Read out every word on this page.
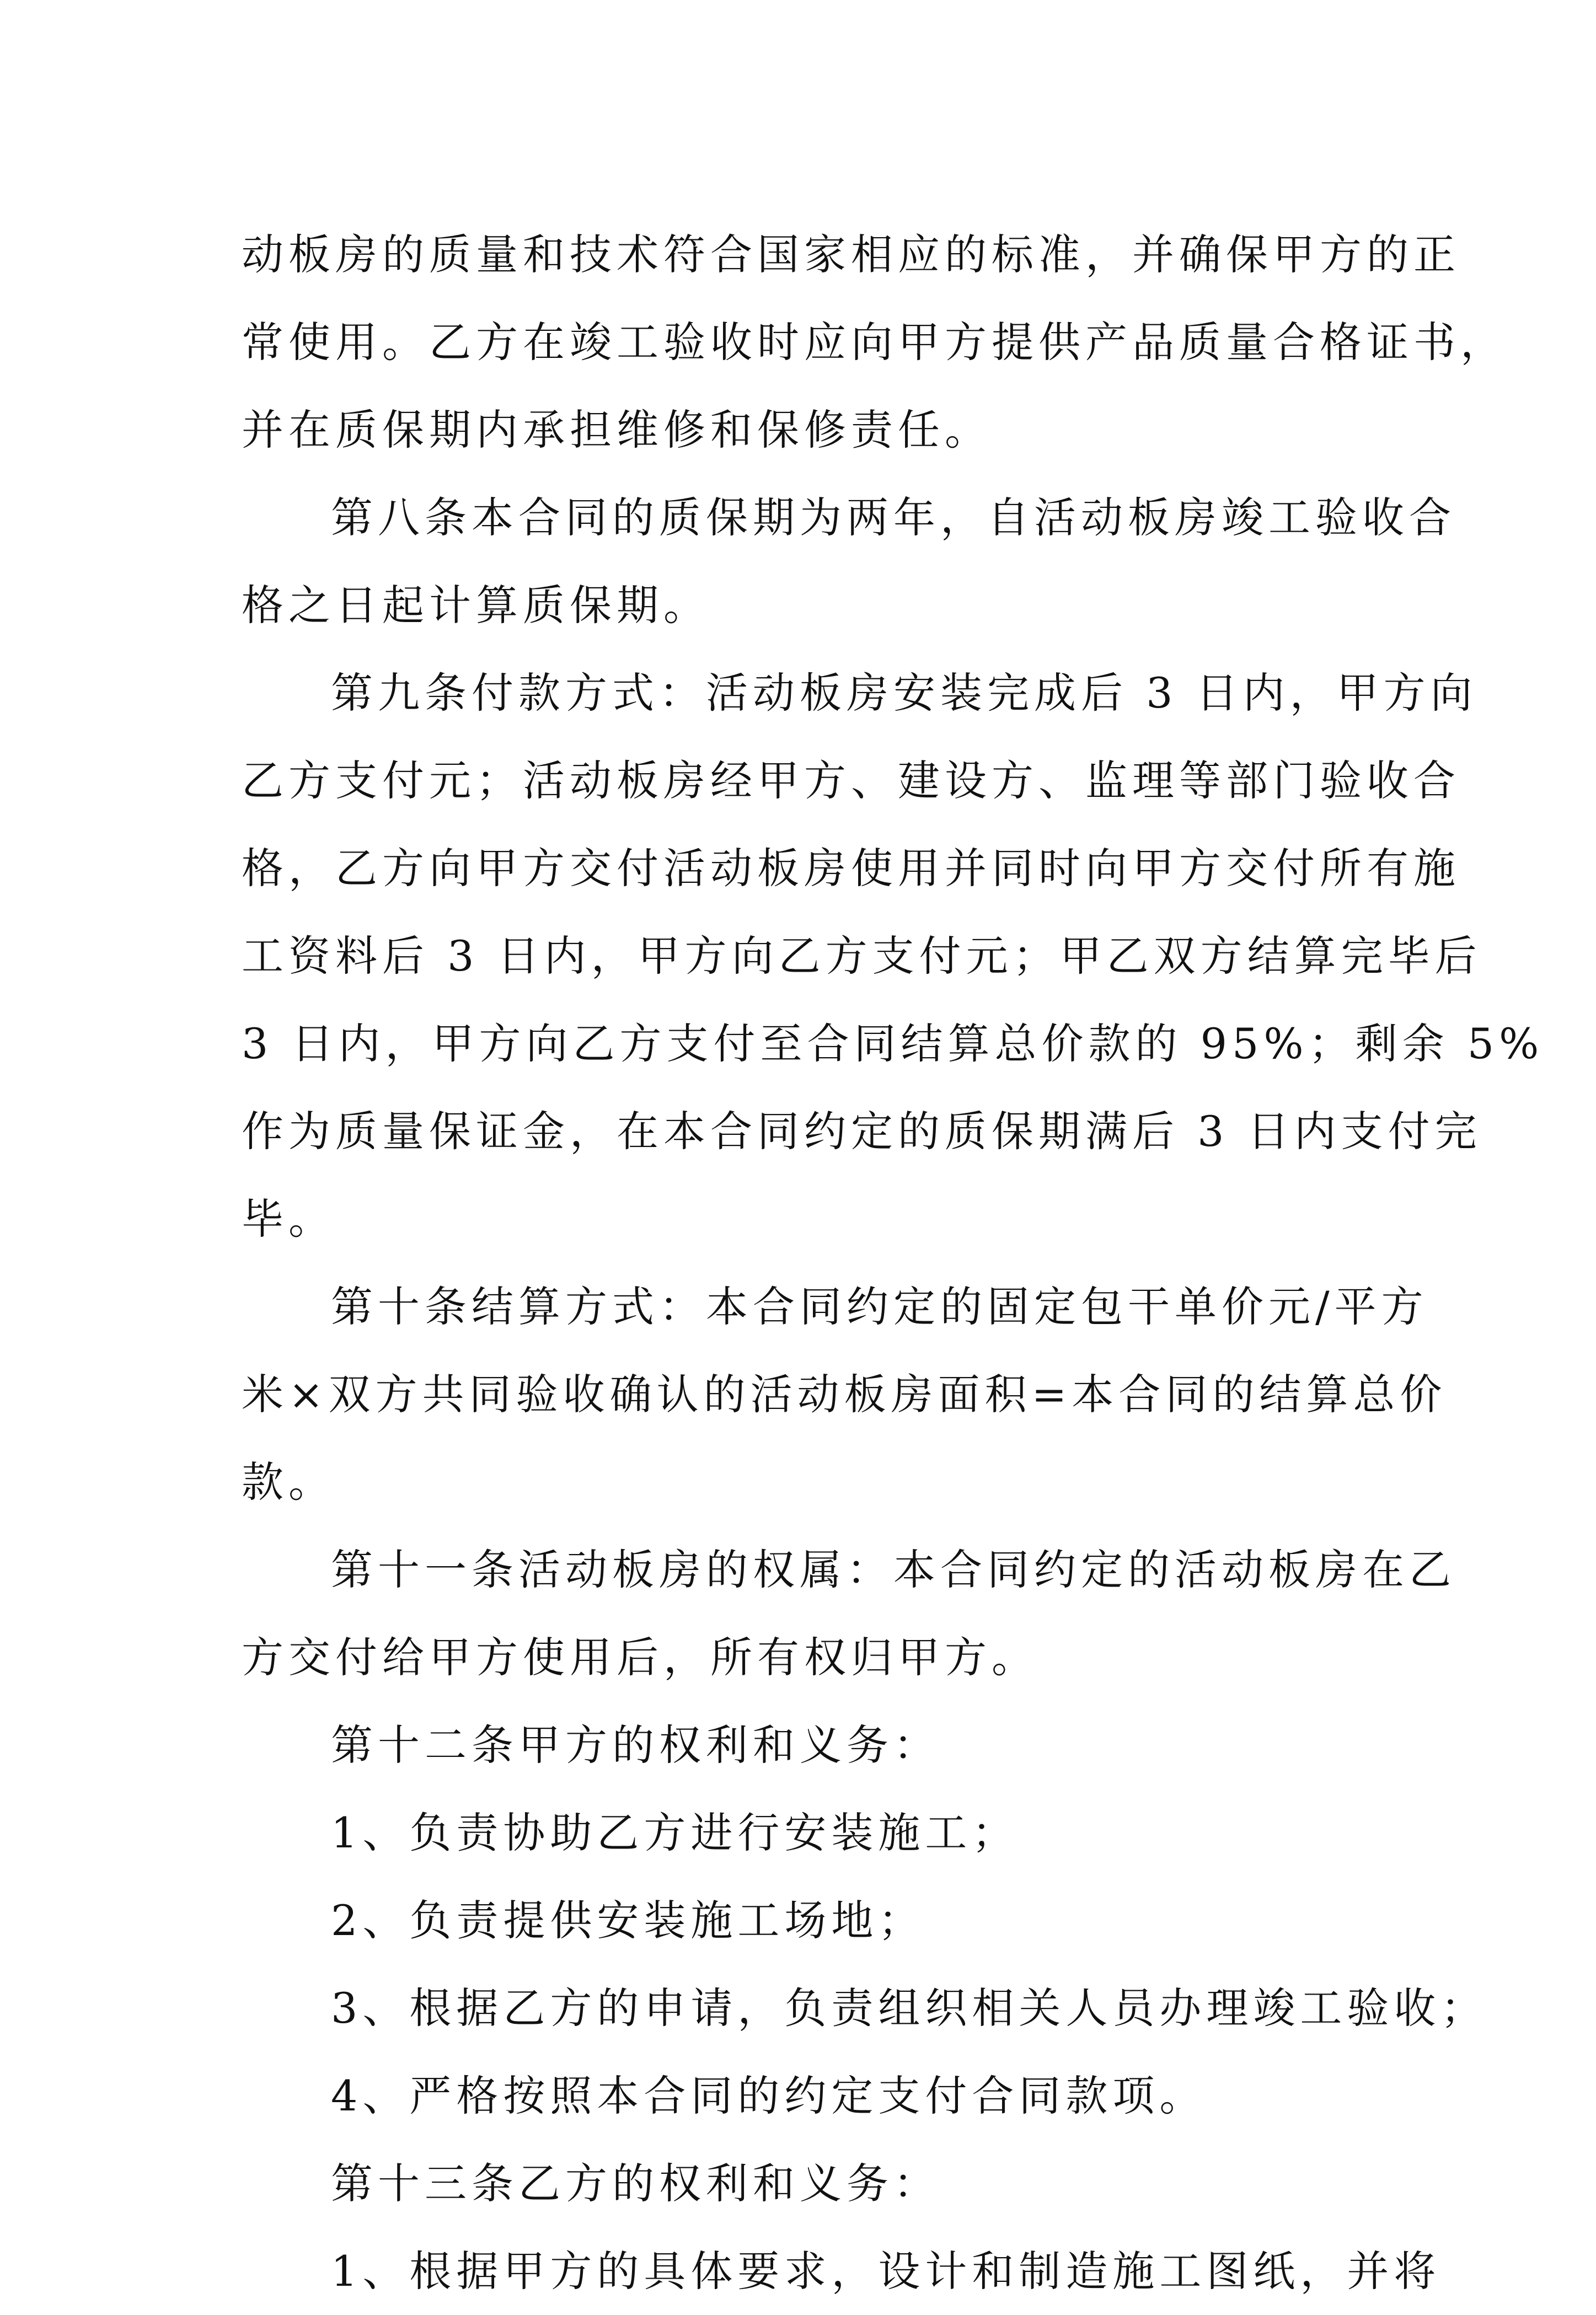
动板房的质量和技术符合国家相应的标准，并确保甲方的正
常使用。乙方在竣工验收时应向甲方提供产品质量合格证书，
并在质保期内承担维修和保修责任。
第八条本合同的质保期为两年，自活动板房竣工验收合
格之日起计算质保期。
第九条付款方式：活动板房安装完成后 3 日内，甲方向
乙方支付元；活动板房经甲方、建设方、监理等部门验收合
格，乙方向甲方交付活动板房使用并同时向甲方交付所有施
工资料后 3 日内，甲方向乙方支付元；甲乙双方结算完毕后
3 日内，甲方向乙方支付至合同结算总价款的 95%；剩余 5%
作为质量保证金，在本合同约定的质保期满后 3 日内支付完
毕。
第十条结算方式：本合同约定的固定包干单价元/平方
米×双方共同验收确认的活动板房面积=本合同的结算总价
款。
第十一条活动板房的权属：本合同约定的活动板房在乙
方交付给甲方使用后，所有权归甲方。
第十二条甲方的权利和义务：
1、负责协助乙方进行安装施工；
2、负责提供安装施工场地；
3、根据乙方的申请，负责组织相关人员办理竣工验收；
4、严格按照本合同的约定支付合同款项。
第十三条乙方的权利和义务：
1、根据甲方的具体要求，设计和制造施工图纸，并将
